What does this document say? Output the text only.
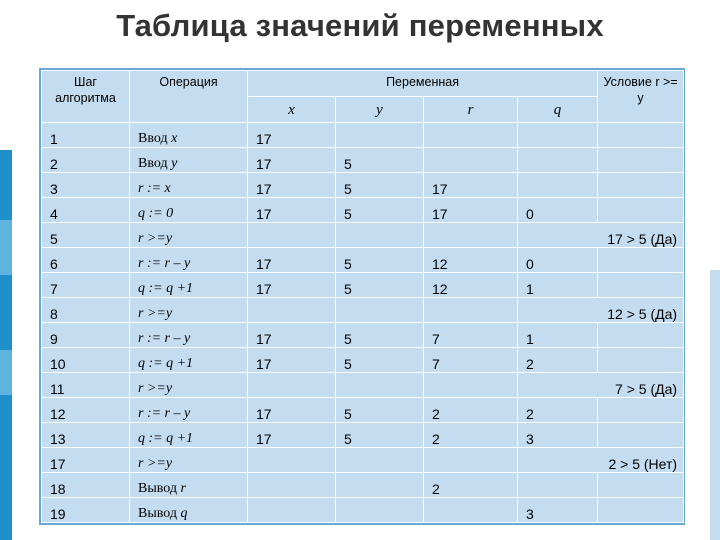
Таблица значений переменных
Шаг алгоритма	Операция	Переменная				Условие r >= y
		x	y	r	q	
1	Ввод x	17				
2	Ввод y	17	5			
3	r := x	17	5	17		
4	q := 0	17	5	17	0	
5	r >=y				17 > 5 (Да)	
6	r := r – y	17	5	12	0	
7	q := q +1	17	5	12	1	
8	r >=y				12 > 5 (Да)	
9	r := r – y	17	5	7	1	
10	q := q +1	17	5	7	2	
11	r >=y				7 > 5 (Да)	
12	r := r – y	17	5	2	2	
13	q := q +1	17	5	2	3	
17	r >=y				2 > 5 (Нет)	
18	Вывод r			2		
19	Вывод q				3	
